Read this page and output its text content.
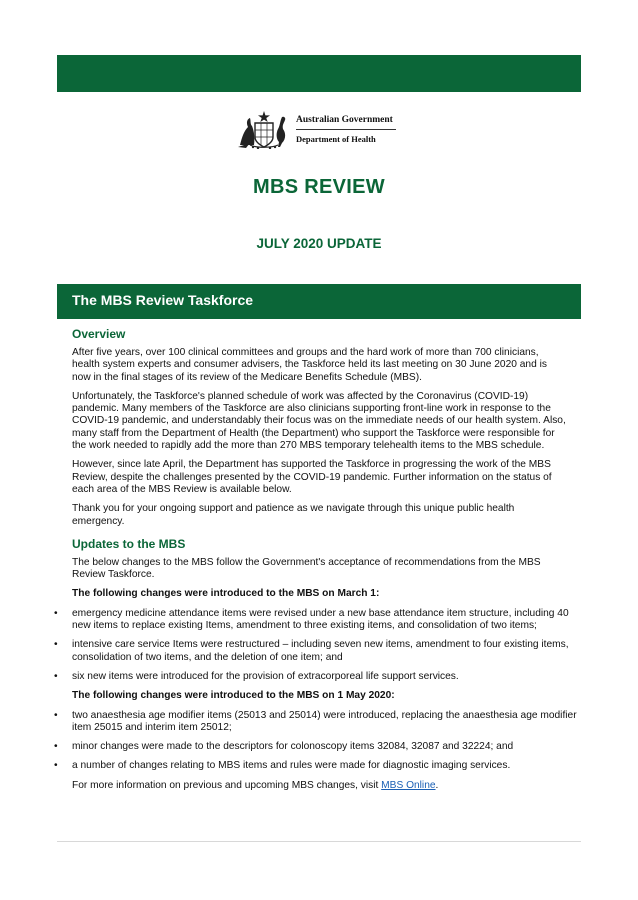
Australian Government
Department of Health
MBS REVIEW
JULY 2020 UPDATE
The MBS Review Taskforce
Overview

After five years, over 100 clinical committees and groups and the hard work of more than 700 clinicians, health system experts and consumer advisers, the Taskforce held its last meeting on 30 June 2020 and is now in the final stages of its review of the Medicare Benefits Schedule (MBS).

Unfortunately, the Taskforce's planned schedule of work was affected by the Coronavirus (COVID-19) pandemic. Many members of the Taskforce are also clinicians supporting front-line work in response to the COVID-19 pandemic, and understandably their focus was on the immediate needs of our health system. Also, many staff from the Department of Health (the Department) who support the Taskforce were responsible for the work needed to rapidly add the more than 270 MBS temporary telehealth items to the MBS schedule.

However, since late April, the Department has supported the Taskforce in progressing the work of the MBS Review, despite the challenges presented by the COVID-19 pandemic. Further information on the status of each area of the MBS Review is available below.

Thank you for your ongoing support and patience as we navigate through this unique public health emergency.

Updates to the MBS

The below changes to the MBS follow the Government's acceptance of recommendations from the MBS Review Taskforce.

The following changes were introduced to the MBS on March 1:

• emergency medicine attendance items were revised under a new base attendance item structure, including 40 new items to replace existing Items, amendment to three existing items, and consolidation of two items;
• intensive care service Items were restructured – including seven new items, amendment to four existing items, consolidation of two items, and the deletion of one item; and
• six new items were introduced for the provision of extracorporeal life support services.

The following changes were introduced to the MBS on 1 May 2020:

• two anaesthesia age modifier items (25013 and 25014) were introduced, replacing the anaesthesia age modifier item 25015 and interim item 25012;
• minor changes were made to the descriptors for colonoscopy items 32084, 32087 and 32224; and
• a number of changes relating to MBS items and rules were made for diagnostic imaging services.

For more information on previous and upcoming MBS changes, visit MBS Online.
